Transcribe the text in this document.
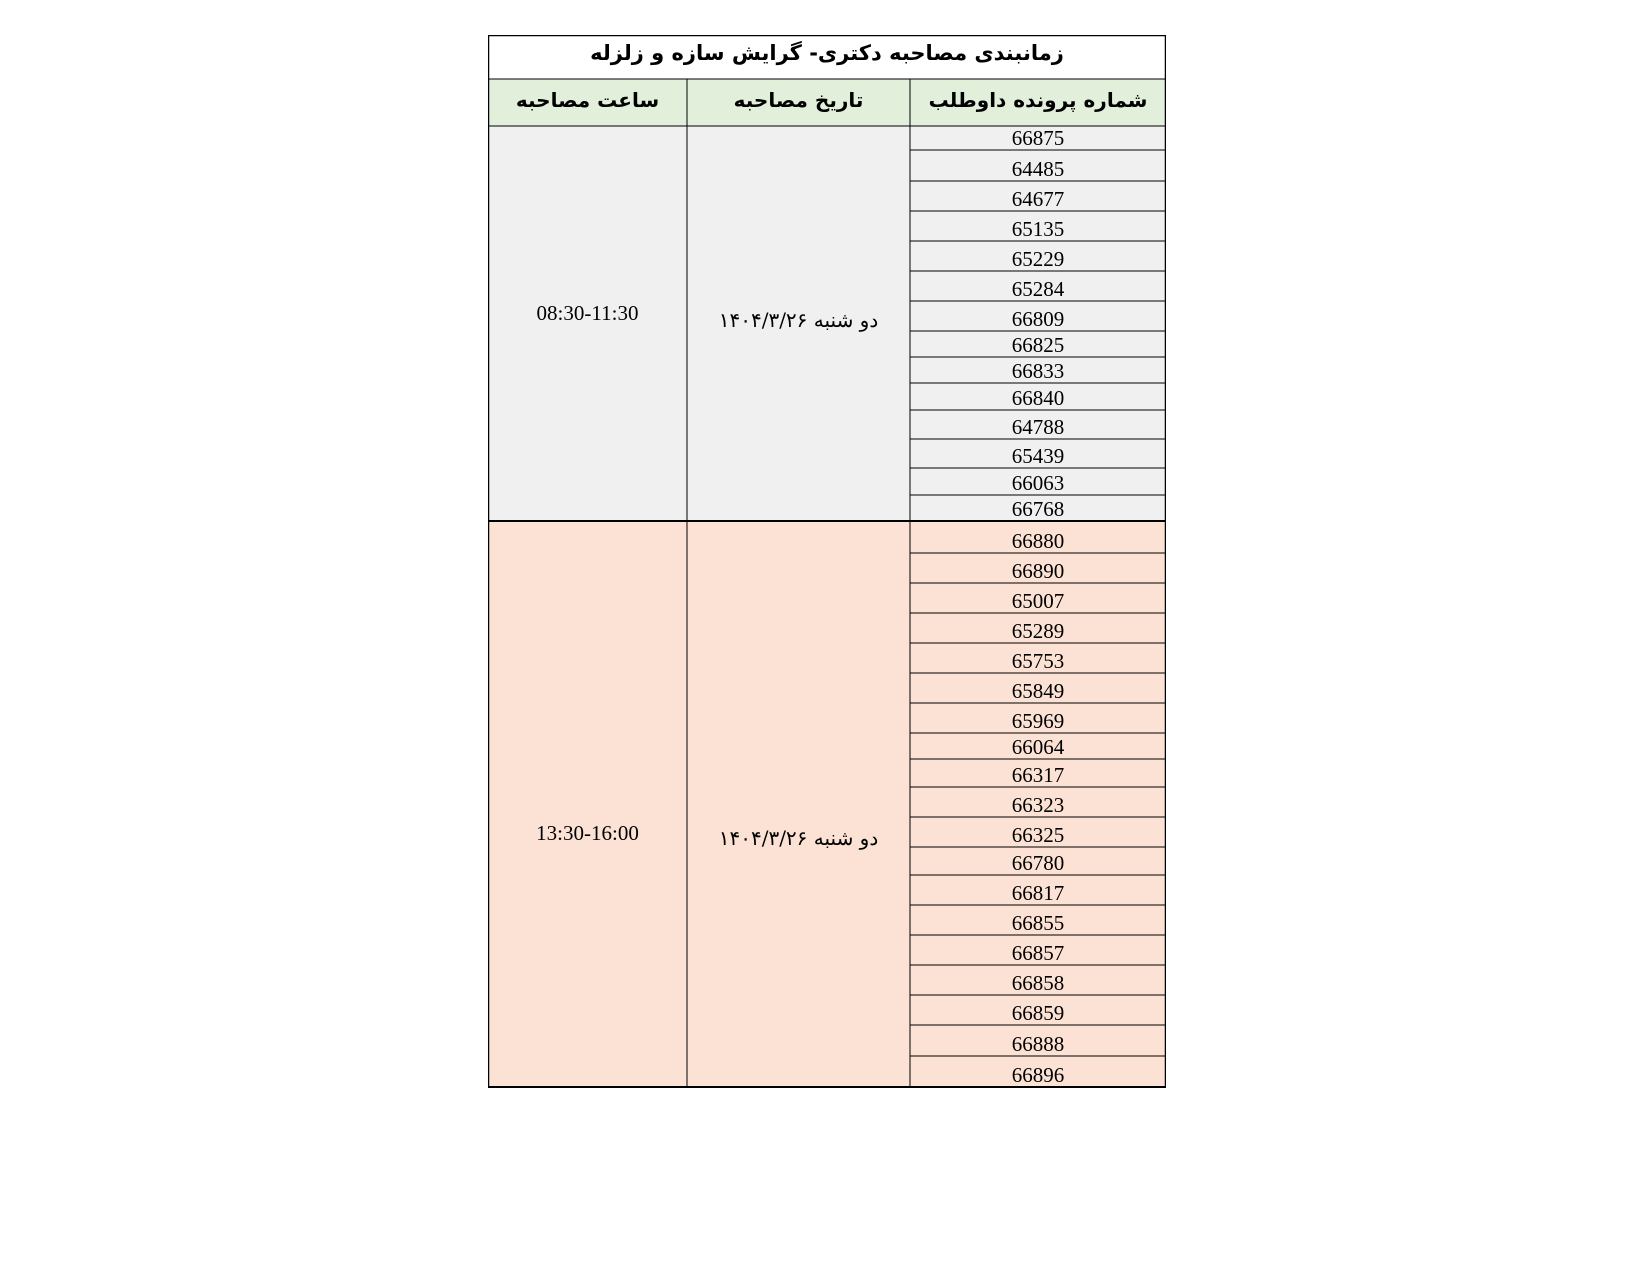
زمانبندی مصاحبه دکتری- گرایش سازه و زلزله
شماره پرونده داوطلب
تاریخ مصاحبه
ساعت مصاحبه
08:30-11:30	دو شنبه ۱۴۰۴/۳/۲۶
13:30-16:00	دو شنبه ۱۴۰۴/۳/۲۶
66875
64485
64677
65135
65229
65284
66809
66825
66833
66840
64788
65439
66063
66768
66880
66890
65007
65289
65753
65849
65969
66064
66317
66323
66325
66780
66817
66855
66857
66858
66859
66888
66896
